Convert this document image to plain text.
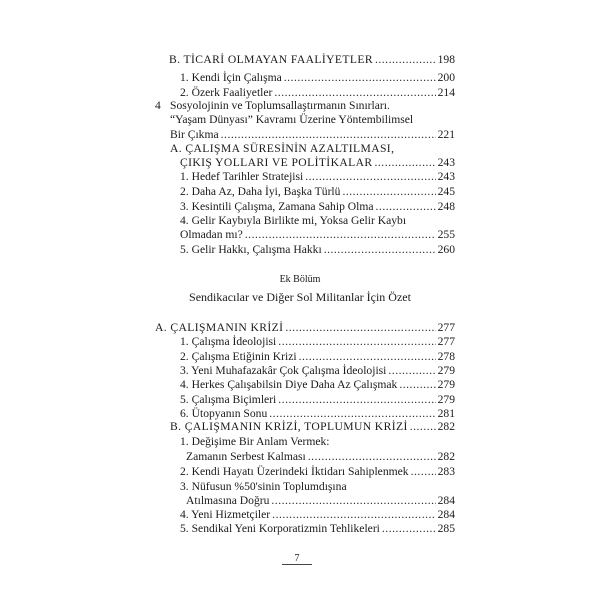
B. TİCARİ OLMAYAN FAALİYETLER .....	198
1. Kendi İçin Çalışma .....	200
2. Özerk Faaliyetler .....	214
4 Sosyolojinin ve Toplumsallaştırmanın Sınırları.
“Yaşam Dünyası” Kavramı Üzerine Yöntembilimsel
Bir Çıkma .....	221
A. ÇALIŞMA SÜRESİNİN AZALTILMASI,
ÇIKIŞ YOLLARI VE POLİTİKALAR .....	243
1. Hedef Tarihler Stratejisi .....	243
2. Daha Az, Daha İyi, Başka Türlü .....	245
3. Kesintili Çalışma, Zamana Sahip Olma .....	248
4. Gelir Kaybıyla Birlikte mi, Yoksa Gelir Kaybı
Olmadan mı? .....	255
5. Gelir Hakkı, Çalışma Hakkı .....	260
Ek Bölüm
Sendikacılar ve Diğer Sol Militanlar İçin Özet
A. ÇALIŞMANIN KRİZİ .....	277
1. Çalışma İdeolojisi .....	277
2. Çalışma Etiğinin Krizi .....	278
3. Yeni Muhafazakâr Çok Çalışma İdeolojisi .....	279
4. Herkes Çalışabilsin Diye Daha Az Çalışmak .....	279
5. Çalışma Biçimleri .....	279
6. Ütopyanın Sonu .....	281
B. ÇALIŞMANIN KRİZİ, TOPLUMUN KRİZİ .....	282
1. Değişime Bir Anlam Vermek:
Zamanın Serbest Kalması .....	282
2. Kendi Hayatı Üzerindeki İktidarı Sahiplenmek .....	283
3. Nüfusun %50'sinin Toplumdışına
Atılmasına Doğru .....	284
4. Yeni Hizmetçiler .....	284
5. Sendikal Yeni Korporatizmin Tehlikeleri .....	285
7
